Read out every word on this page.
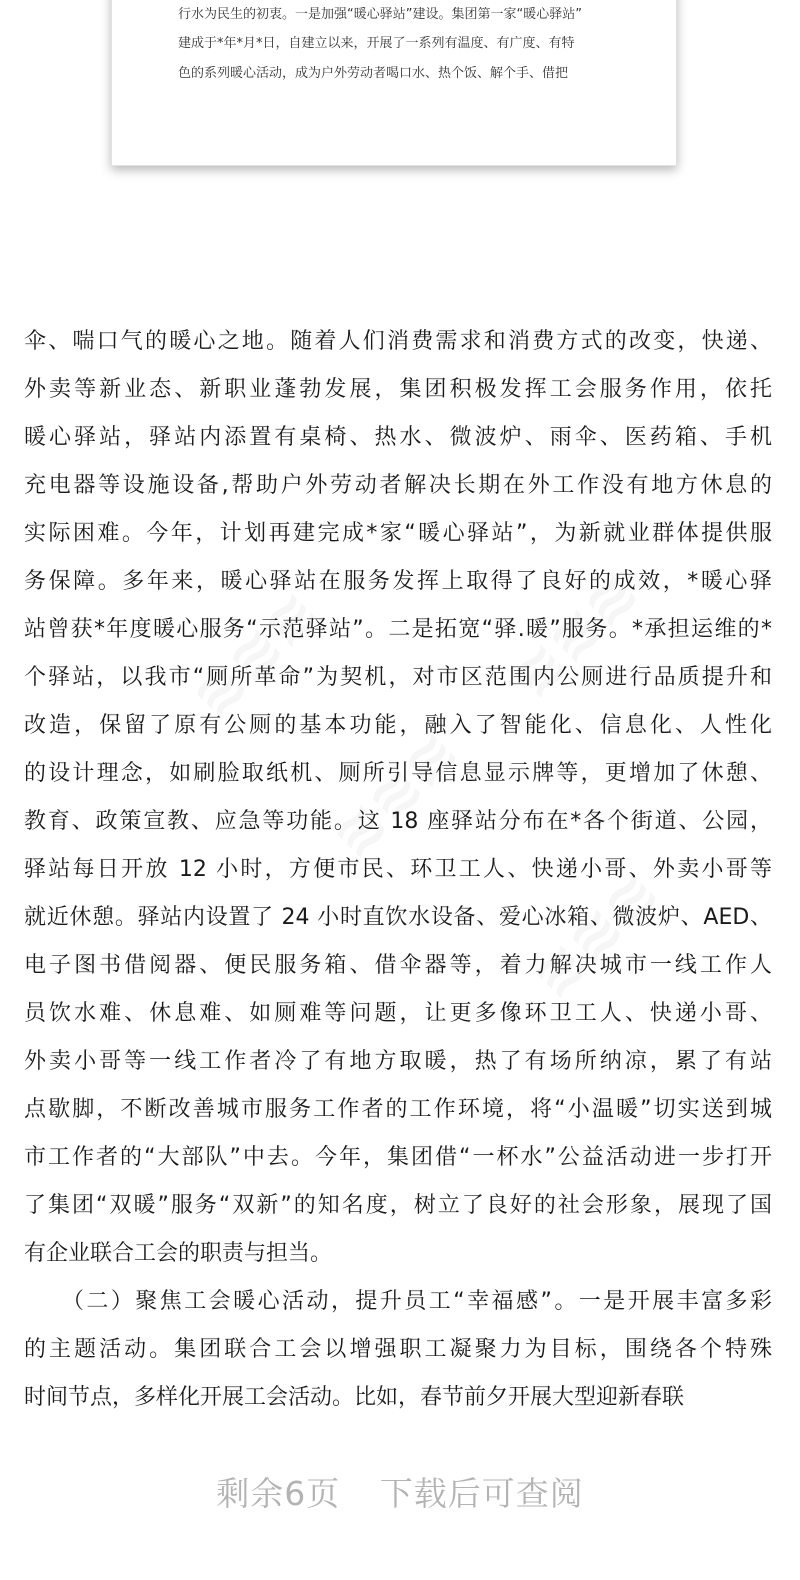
行水为民生的初衷。一是加强“暖心驿站”建设。集团第一家“暖心驿站”
建成于*年*月*日，自建立以来，开展了一系列有温度、有广度、有特
色的系列暖心活动，成为户外劳动者喝口水、热个饭、解个手、借把
伞、喘口气的暖心之地。随着人们消费需求和消费方式的改变，快递、
外卖等新业态、新职业蓬勃发展，集团积极发挥工会服务作用，依托
暖心驿站，驿站内添置有桌椅、热水、微波炉、雨伞、医药箱、手机
充电器等设施设备,帮助户外劳动者解决长期在外工作没有地方休息的
实际困难。今年，计划再建完成*家“暖心驿站”，为新就业群体提供服
务保障。多年来，暖心驿站在服务发挥上取得了良好的成效，*暖心驿
站曾获*年度暖心服务“示范驿站”。二是拓宽“驿.暖”服务。*承担运维的*
个驿站，以我市“厕所革命”为契机，对市区范围内公厕进行品质提升和
改造，保留了原有公厕的基本功能，融入了智能化、信息化、人性化
的设计理念，如刷脸取纸机、厕所引导信息显示牌等，更增加了休憩、
教育、政策宣教、应急等功能。这 18 座驿站分布在*各个街道、公园，
驿站每日开放 12 小时，方便市民、环卫工人、快递小哥、外卖小哥等
就近休憩。驿站内设置了 24 小时直饮水设备、爱心冰箱、微波炉、AED、
电子图书借阅器、便民服务箱、借伞器等，着力解决城市一线工作人
员饮水难、休息难、如厕难等问题，让更多像环卫工人、快递小哥、
外卖小哥等一线工作者冷了有地方取暖，热了有场所纳凉，累了有站
点歇脚，不断改善城市服务工作者的工作环境，将“小温暖”切实送到城
市工作者的“大部队”中去。今年，集团借“一杯水”公益活动进一步打开
了集团“双暖”服务“双新”的知名度，树立了良好的社会形象，展现了国
有企业联合工会的职责与担当。
　　（二）聚焦工会暖心活动，提升员工“幸福感”。一是开展丰富多彩
的主题活动。集团联合工会以增强职工凝聚力为目标，围绕各个特殊
时间节点，多样化开展工会活动。比如，春节前夕开展大型迎新春联
剩余6页 下载后可查阅
